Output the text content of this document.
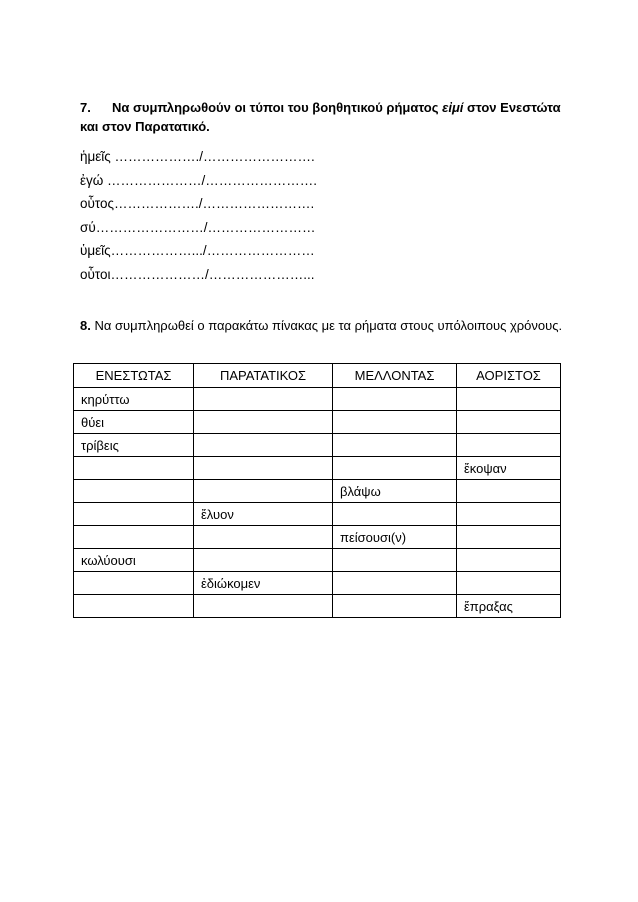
7. Να συμπληρωθούν οι τύποι του βοηθητικού ρήματος εἰμί στον Ενεστώτα και στον Παρατατικό.
ἡμεῖς ………………./…………………….
ἐγώ …………………/…………………….
οὗτος………………./…………………….
σύ……………………/……………………
ὑμεῖς……………….../……………………
οὗτοι…………………/…………………...
8. Να συμπληρωθεί ο παρακάτω πίνακας με τα ρήματα στους υπόλοιπους χρόνους.
ΕΝΕΣΤΩΤΑΣ	ΠΑΡΑΤΑΤΙΚΟΣ	ΜΕΛΛΟΝΤΑΣ	ΑΟΡΙΣΤΟΣ
κηρύττω			
θύει			
τρίβεις			
			ἔκοψαν
		βλάψω	
	ἔλυον		
		πείσουσι(ν)	
κωλύουσι			
	ἐδιώκομεν		
			ἔπραξας
